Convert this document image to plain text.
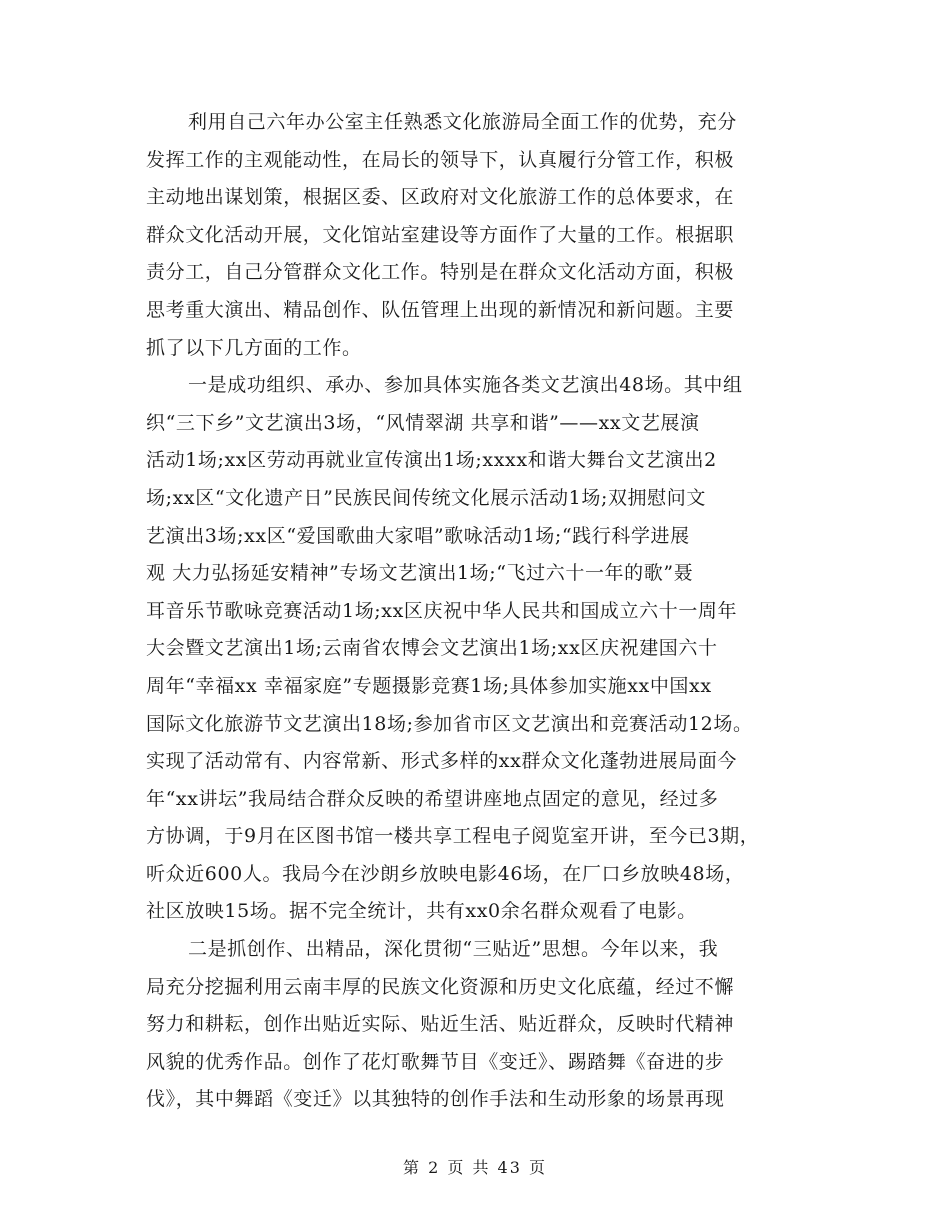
利用自己六年办公室主任熟悉文化旅游局全面工作的优势，充分
发挥工作的主观能动性，在局长的领导下，认真履行分管工作，积极
主动地出谋划策，根据区委、区政府对文化旅游工作的总体要求，在
群众文化活动开展，文化馆站室建设等方面作了大量的工作。根据职
责分工，自己分管群众文化工作。特别是在群众文化活动方面，积极
思考重大演出、精品创作、队伍管理上出现的新情况和新问题。主要
抓了以下几方面的工作。
一是成功组织、承办、参加具体实施各类文艺演出48场。其中组
织“三下乡”文艺演出3场，“风情翠湖 共享和谐”——xx文艺展演
活动1场;xx区劳动再就业宣传演出1场;xxxx和谐大舞台文艺演出2
场;xx区“文化遗产日”民族民间传统文化展示活动1场;双拥慰问文
艺演出3场;xx区“爱国歌曲大家唱”歌咏活动1场;“践行科学进展
观 大力弘扬延安精神”专场文艺演出1场;“飞过六十一年的歌”聂
耳音乐节歌咏竞赛活动1场;xx区庆祝中华人民共和国成立六十一周年
大会暨文艺演出1场;云南省农博会文艺演出1场;xx区庆祝建国六十
周年“幸福xx 幸福家庭”专题摄影竞赛1场;具体参加实施xx中国xx
国际文化旅游节文艺演出18场;参加省市区文艺演出和竞赛活动12场。
实现了活动常有、内容常新、形式多样的xx群众文化蓬勃进展局面今
年“xx讲坛”我局结合群众反映的希望讲座地点固定的意见，经过多
方协调，于9月在区图书馆一楼共享工程电子阅览室开讲，至今已3期，
听众近600人。我局今在沙朗乡放映电影46场，在厂口乡放映48场，
社区放映15场。据不完全统计，共有xx0余名群众观看了电影。
二是抓创作、出精品，深化贯彻“三贴近”思想。今年以来，我
局充分挖掘利用云南丰厚的民族文化资源和历史文化底蕴，经过不懈
努力和耕耘，创作出贴近实际、贴近生活、贴近群众，反映时代精神
风貌的优秀作品。创作了花灯歌舞节目《变迁》、踢踏舞《奋进的步
伐》，其中舞蹈《变迁》以其独特的创作手法和生动形象的场景再现
第 2 页 共 43 页
